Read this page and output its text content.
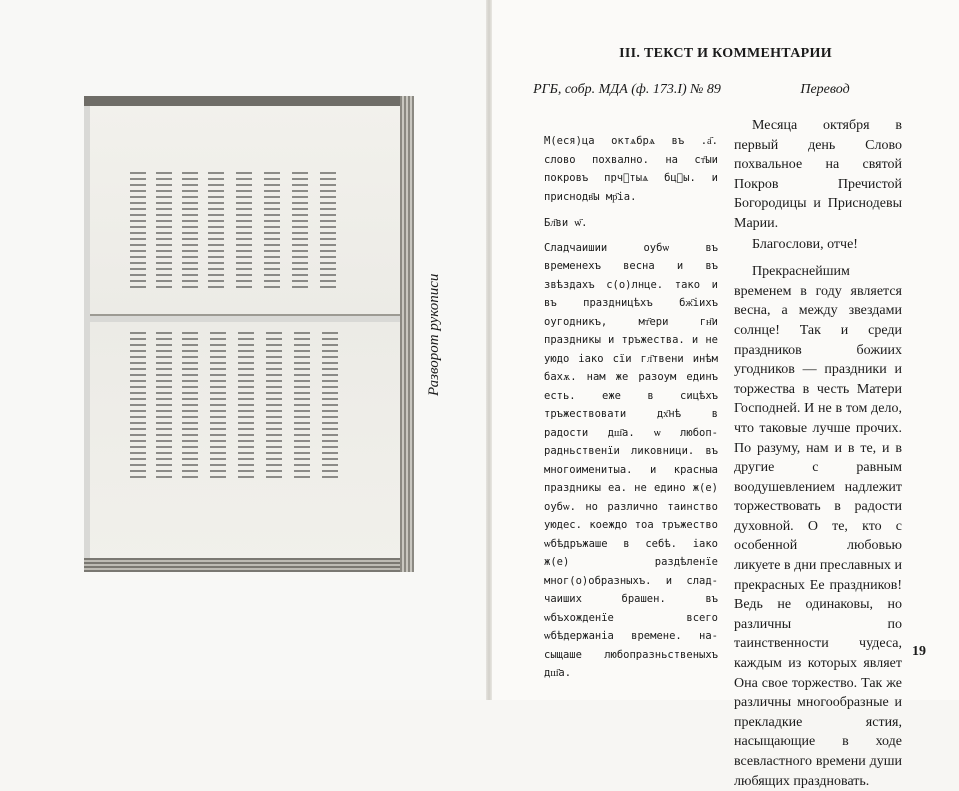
Разворот рукописи
III. ТЕКСТ И КОММЕНТАРИИ
РГБ, собр. МДА (ф. 173.I) № 89	Перевод

М(еся)ца октѧбрѧ въ .а҃. слово похвално. на ст҃ыи покровъ прчⷭтыѧ бцⷣы. и приснодв҃ы мр҃іа.

Бл҃ви ѡ҃.

Сладчаишии оубѡ въ временехъ весна и въ звѣздахъ с(о)лнце. тако и въ праздницѣхъ бж҃іихъ оугодникъ, мт҃ери гн҃и праздникы и тръжества. и не уюдо іако сїи гл҃твени инѣм бахѫ. нам же разоум единъ есть. еже в сицѣхъ тръжествовати дх҃нѣ в радости дш҃а. ѡ любопрадньственїи ликовници. въ многоименитыа. и красныа праздникы еа. не едино ж(е) оубѡ. но различно таинство уюдес. коеждо тоа тръжество ѡбѣдръжаше в себѣ. іако ж(е) раздѣленїе мног(о)образныхъ. и сладчаиших брашен. въ ѡбъхожденїе всего ѡбѣдержаніа времене. насыщаше любопразньственыхъ дш҃а.

Месяца октября в первый день Слово похвальное на святой Покров Пречистой Богородицы и Приснодевы Марии.

Благослови, отче!

Прекраснейшим временем в году является весна, а между звездами солнце! Так и среди праздников божиих угодников — праздники и торжества в честь Матери Господней. И не в том дело, что таковые лучше прочих. По разуму, нам и в те, и в другие с равным воодушевлением надлежит торжествовать в радости духовной. О те, кто с особенной любовью ликуете в дни преславных и прекрасных Ее праздников! Ведь не одинаковы, но различны по таинственности чудеса, каждым из которых являет Она свое торжество. Так же различны многообразные и прекладкие ястия, насыщающие в ходе всевластного времени души любящих праздновать.

19
